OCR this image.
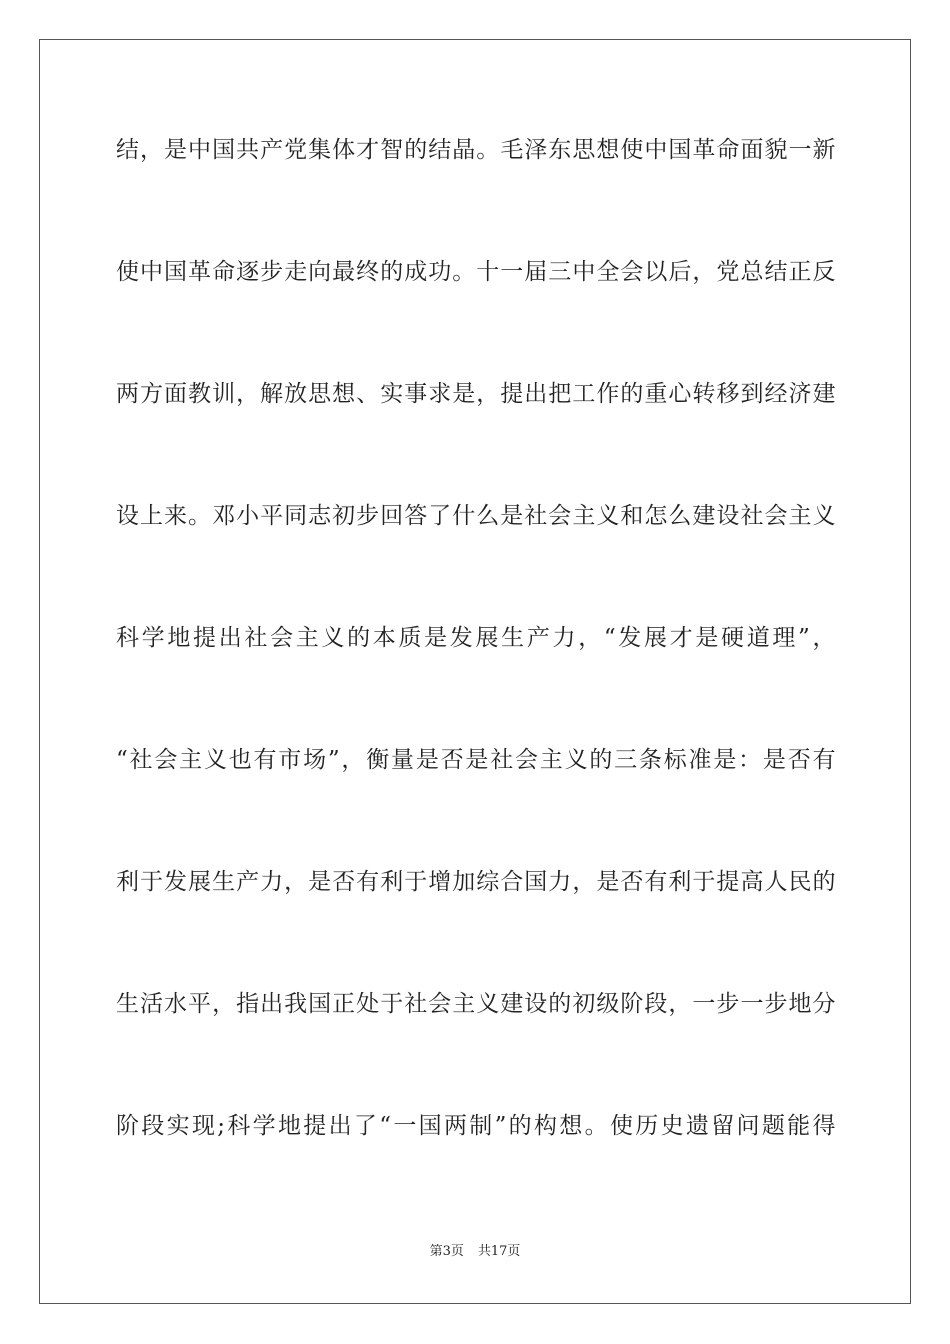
结，是中国共产党集体才智的结晶。毛泽东思想使中国革命面貌一新
使中国革命逐步走向最终的成功。十一届三中全会以后，党总结正反
两方面教训，解放思想、实事求是，提出把工作的重心转移到经济建
设上来。邓小平同志初步回答了什么是社会主义和怎么建设社会主义
科学地提出社会主义的本质是发展生产力，“发展才是硬道理”，
“社会主义也有市场”，衡量是否是社会主义的三条标准是：是否有
利于发展生产力，是否有利于增加综合国力，是否有利于提高人民的
生活水平，指出我国正处于社会主义建设的初级阶段，一步一步地分
阶段实现;科学地提出了“一国两制”的构想。使历史遗留问题能得
第3页 共17页
